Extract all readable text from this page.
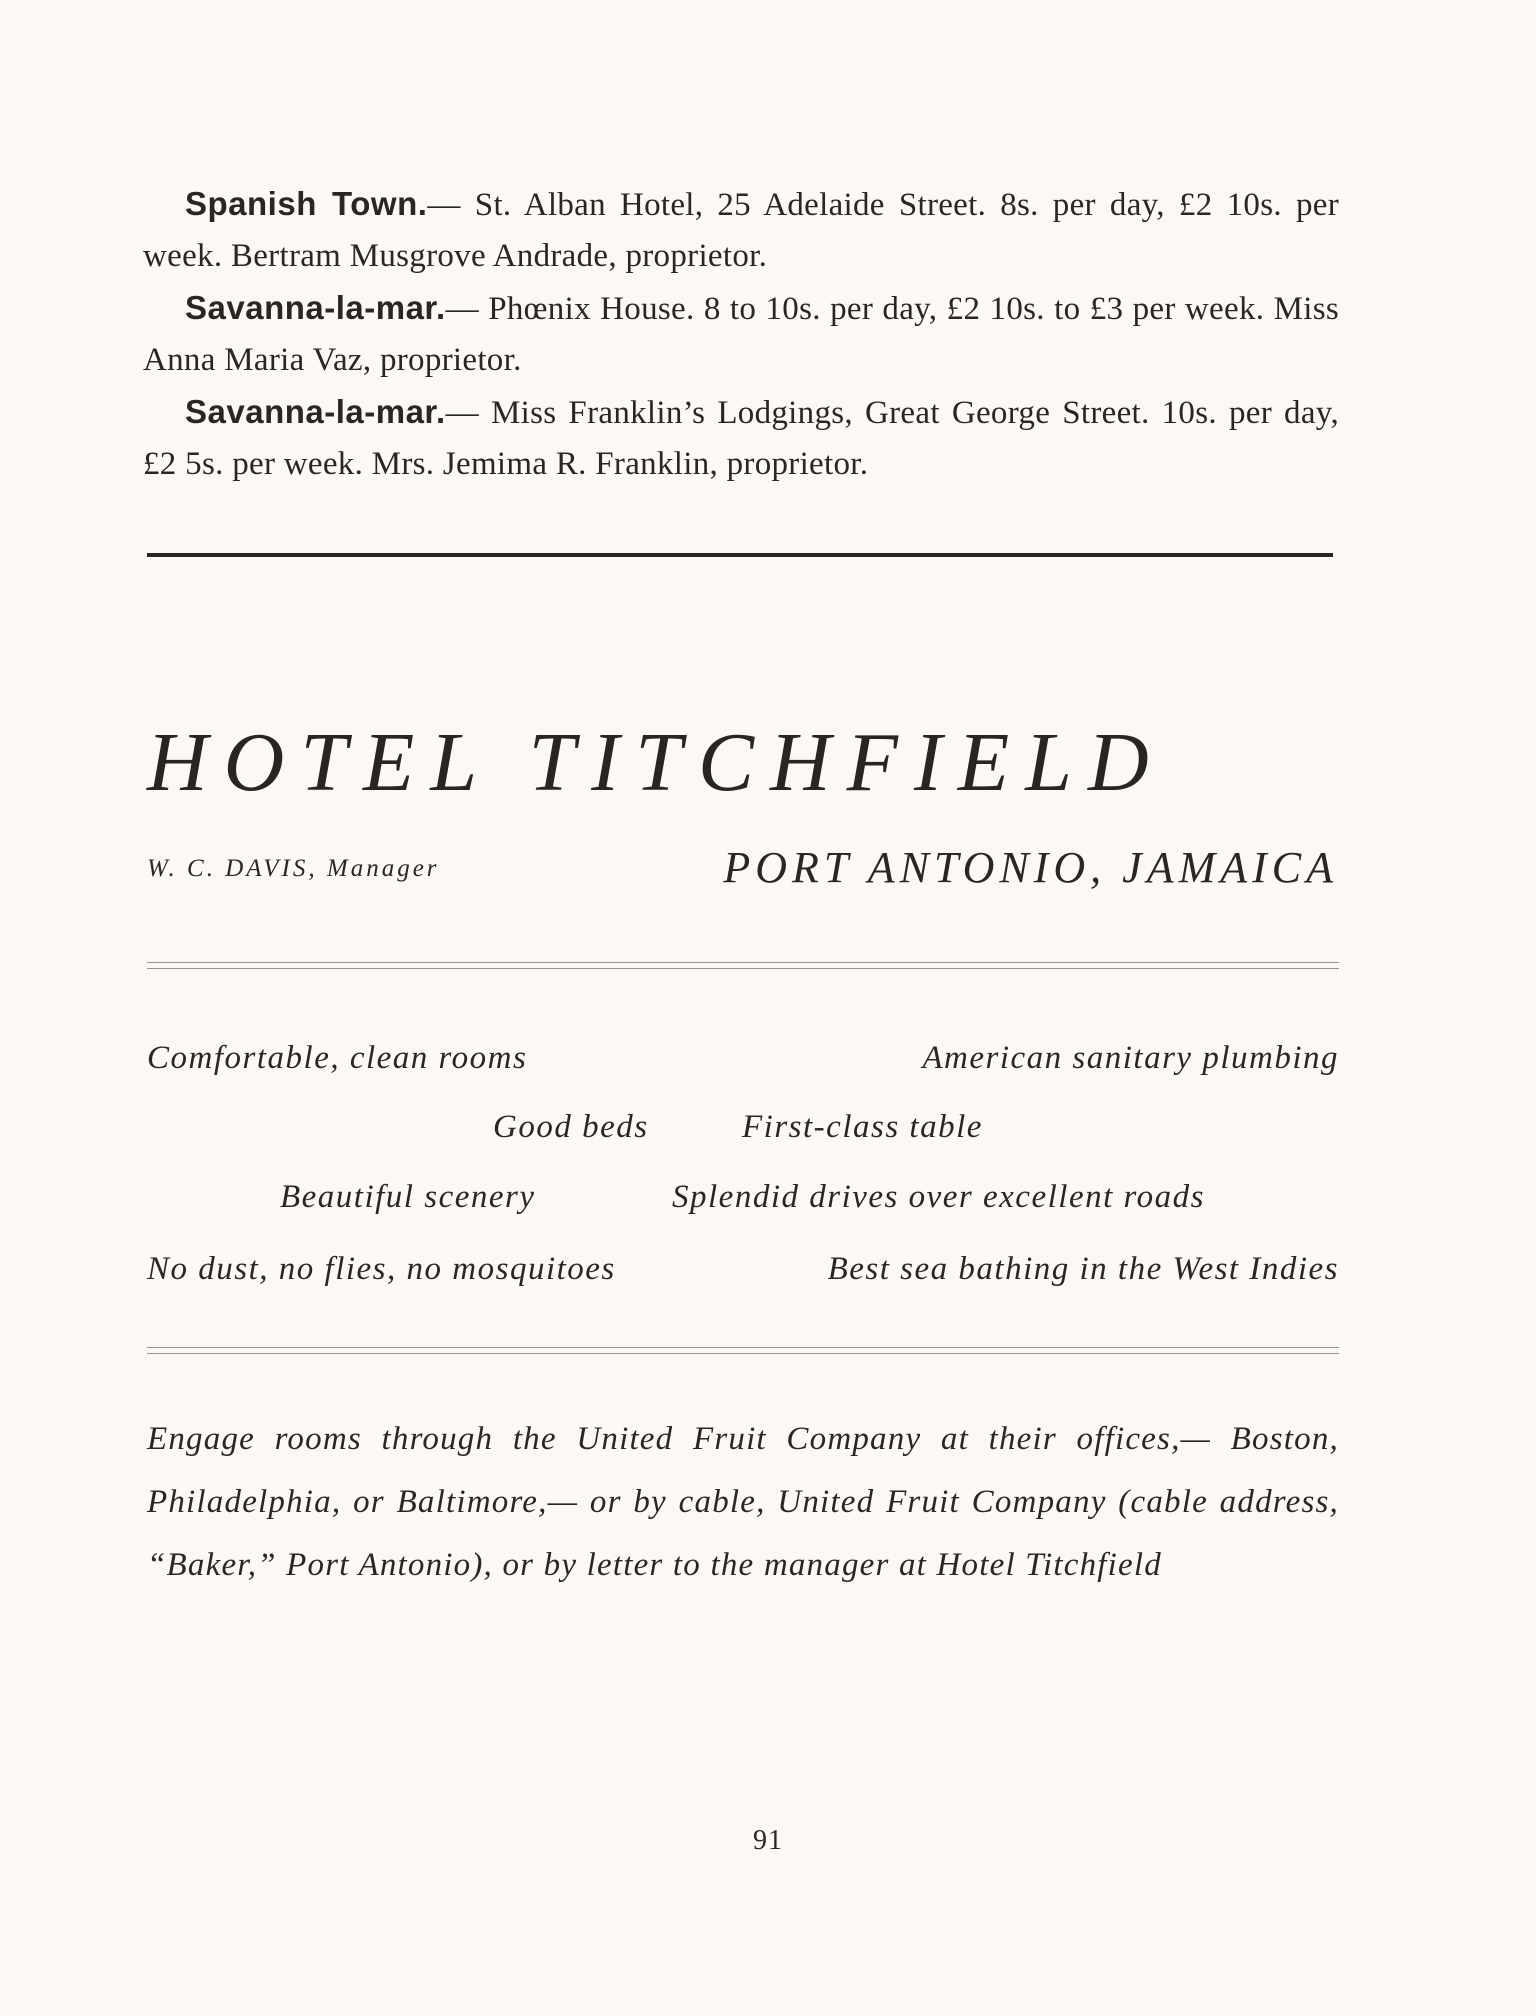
Spanish Town.— St. Alban Hotel, 25 Adelaide Street. 8s. per day, £2 10s. per week. Bertram Musgrove Andrade, proprietor.

Savanna-la-mar.— Phœnix House. 8 to 10s. per day, £2 10s. to £3 per week. Miss Anna Maria Vaz, proprietor.

Savanna-la-mar.— Miss Franklin’s Lodgings, Great George Street. 10s. per day, £2 5s. per week. Mrs. Jemima R. Franklin, proprietor.

HOTEL TITCHFIELD
W. C. DAVIS, Manager	PORT ANTONIO, JAMAICA
Comfortable, clean rooms	American sanitary plumbing
Good beds	First-class table
Beautiful scenery	Splendid drives over excellent roads
No dust, no flies, no mosquitoes	Best sea bathing in the West Indies

Engage rooms through the United Fruit Company at their offices,— Boston, Philadelphia, or Baltimore,— or by cable, United Fruit Company (cable address, “Baker,” Port Antonio), or by letter to the manager at Hotel Titchfield

91
